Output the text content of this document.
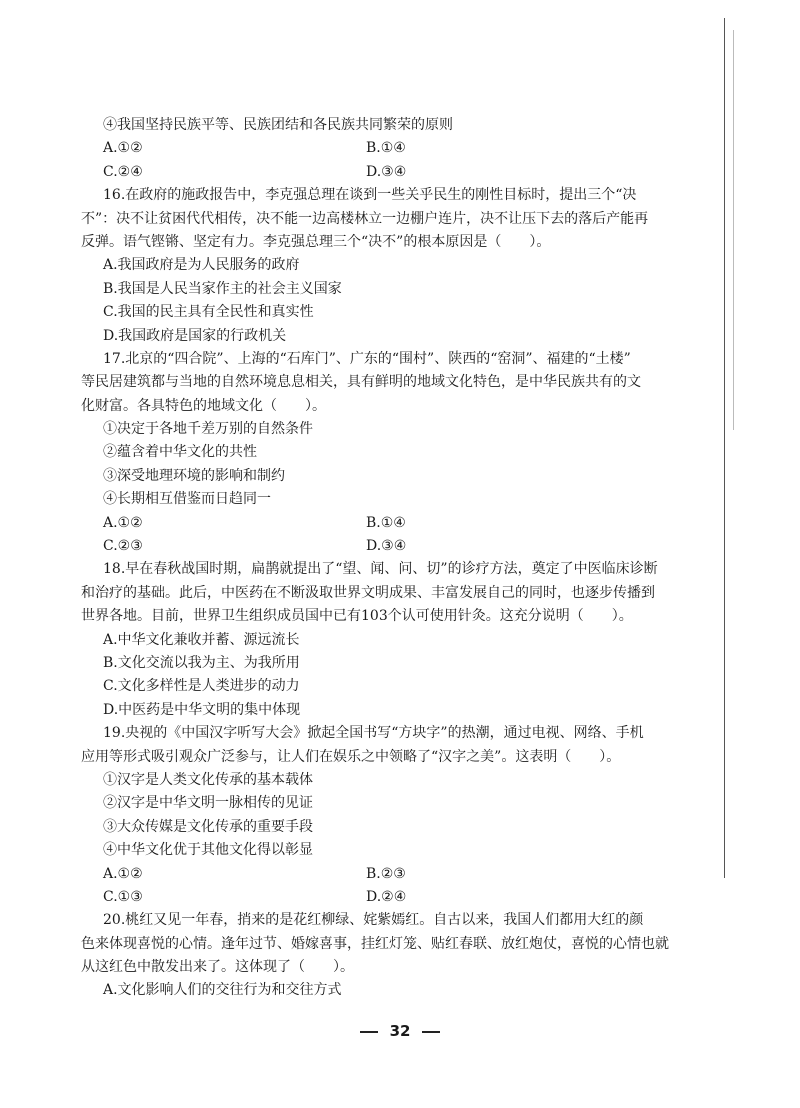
④我国坚持民族平等、民族团结和各民族共同繁荣的原则
A.①②	B.①④
C.②④	D.③④
16.在政府的施政报告中，李克强总理在谈到一些关乎民生的刚性目标时，提出三个“决
不”：决不让贫困代代相传，决不能一边高楼林立一边棚户连片，决不让压下去的落后产能再
反弹。语气铿锵、坚定有力。李克强总理三个“决不”的根本原因是（　　）。
A.我国政府是为人民服务的政府
B.我国是人民当家作主的社会主义国家
C.我国的民主具有全民性和真实性
D.我国政府是国家的行政机关
17.北京的“四合院”、上海的“石库门”、广东的“围村”、陕西的“窑洞”、福建的“土楼”
等民居建筑都与当地的自然环境息息相关，具有鲜明的地域文化特色，是中华民族共有的文
化财富。各具特色的地域文化（　　）。
①决定于各地千差万别的自然条件
②蕴含着中华文化的共性
③深受地理环境的影响和制约
④长期相互借鉴而日趋同一
A.①②	B.①④
C.②③	D.③④
18.早在春秋战国时期，扁鹊就提出了“望、闻、问、切”的诊疗方法，奠定了中医临床诊断
和治疗的基础。此后，中医药在不断汲取世界文明成果、丰富发展自己的同时，也逐步传播到
世界各地。目前，世界卫生组织成员国中已有103个认可使用针灸。这充分说明（　　）。
A.中华文化兼收并蓄、源远流长
B.文化交流以我为主、为我所用
C.文化多样性是人类进步的动力
D.中医药是中华文明的集中体现
19.央视的《中国汉字听写大会》掀起全国书写“方块字”的热潮，通过电视、网络、手机
应用等形式吸引观众广泛参与，让人们在娱乐之中领略了“汉字之美”。这表明（　　）。
①汉字是人类文化传承的基本载体
②汉字是中华文明一脉相传的见证
③大众传媒是文化传承的重要手段
④中华文化优于其他文化得以彰显
A.①②	B.②③
C.①③	D.②④
20.桃红又见一年春，捎来的是花红柳绿、姹紫嫣红。自古以来，我国人们都用大红的颜
色来体现喜悦的心情。逢年过节、婚嫁喜事，挂红灯笼、贴红春联、放红炮仗，喜悦的心情也就
从这红色中散发出来了。这体现了（　　）。
A.文化影响人们的交往行为和交往方式
32
